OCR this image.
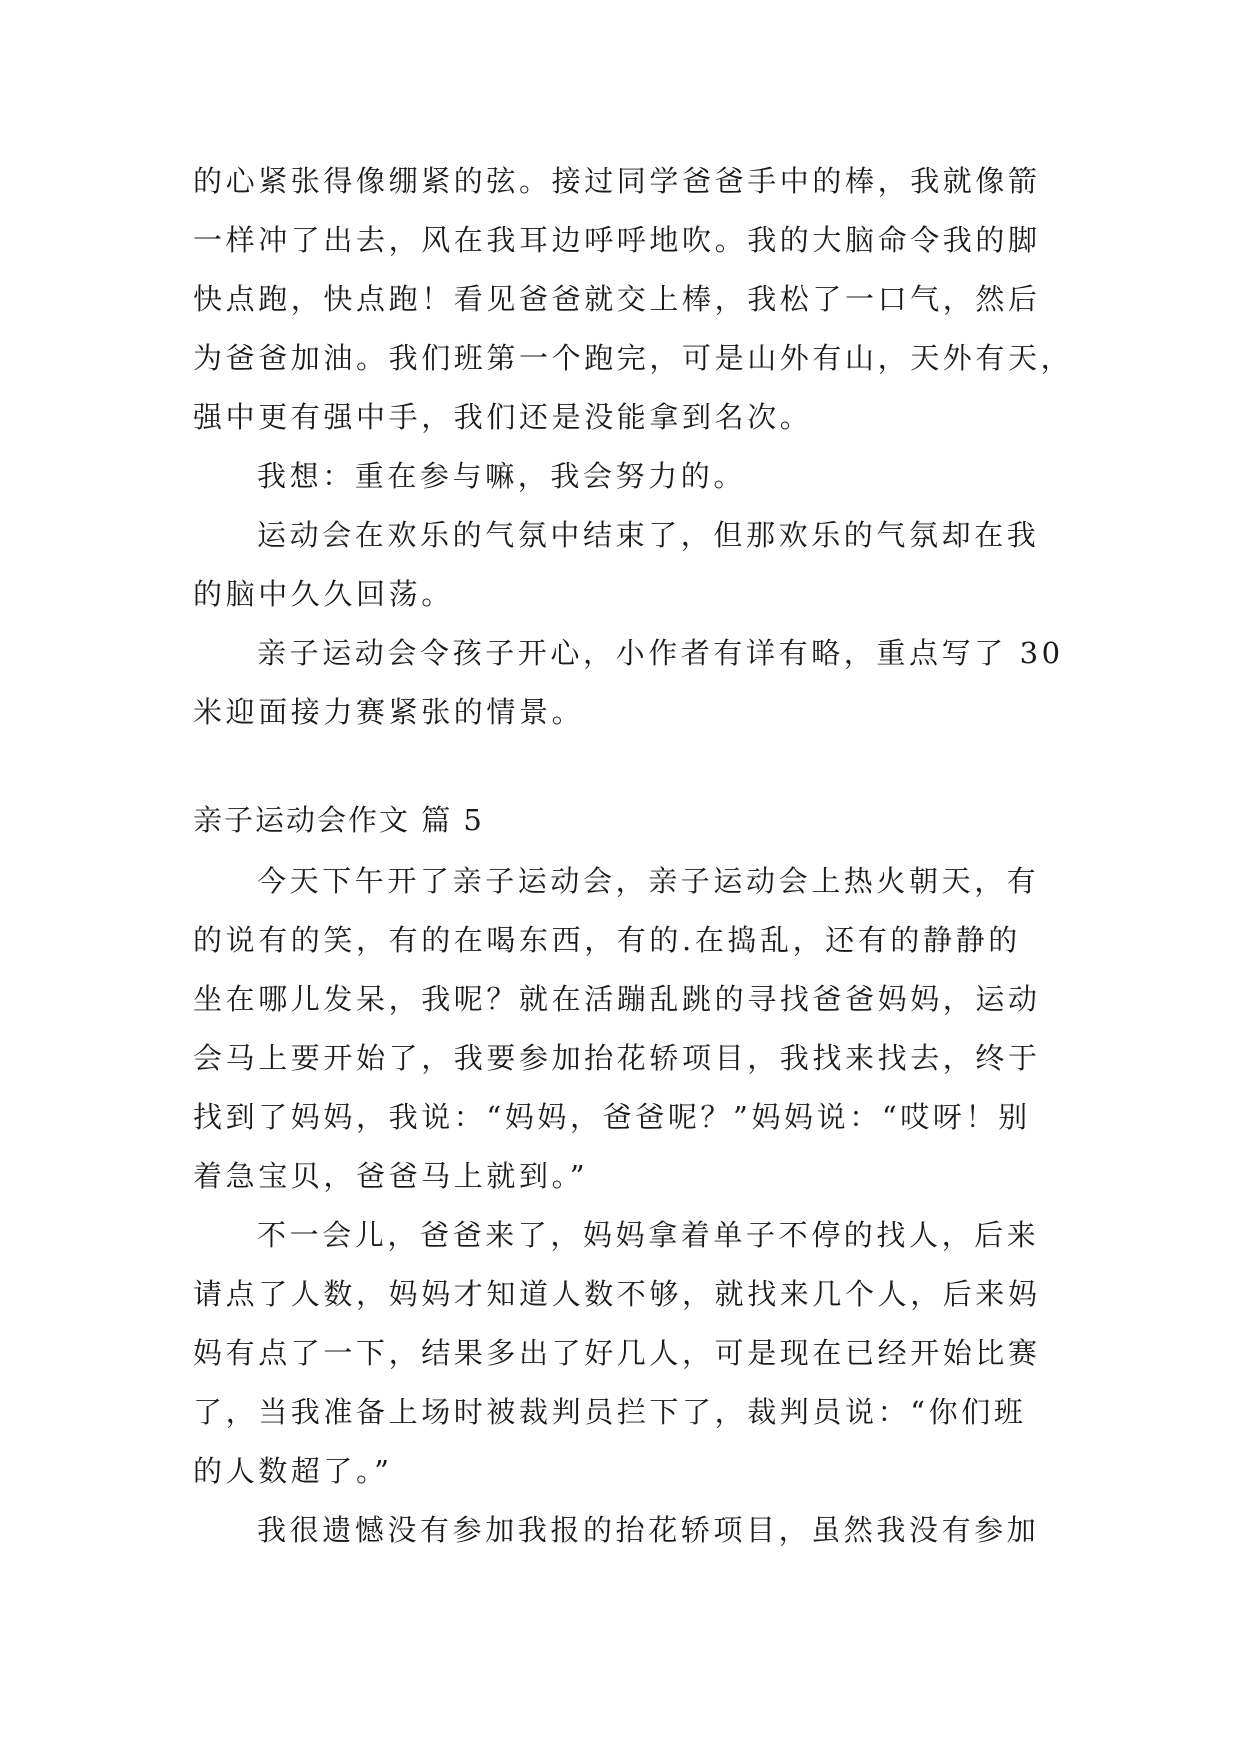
的心紧张得像绷紧的弦。接过同学爸爸手中的棒，我就像箭
一样冲了出去，风在我耳边呼呼地吹。我的大脑命令我的脚
快点跑，快点跑！看见爸爸就交上棒，我松了一口气，然后
为爸爸加油。我们班第一个跑完，可是山外有山，天外有天，
强中更有强中手，我们还是没能拿到名次。
我想：重在参与嘛，我会努力的。
运动会在欢乐的气氛中结束了，但那欢乐的气氛却在我
的脑中久久回荡。
亲子运动会令孩子开心，小作者有详有略，重点写了 30
米迎面接力赛紧张的情景。
亲子运动会作文 篇 5
今天下午开了亲子运动会，亲子运动会上热火朝天，有
的说有的笑，有的在喝东西，有的.在捣乱，还有的静静的
坐在哪儿发呆，我呢？就在活蹦乱跳的寻找爸爸妈妈，运动
会马上要开始了，我要参加抬花轿项目，我找来找去，终于
找到了妈妈，我说：“妈妈，爸爸呢？”妈妈说：“哎呀！别
着急宝贝，爸爸马上就到。”
不一会儿，爸爸来了，妈妈拿着单子不停的找人，后来
请点了人数，妈妈才知道人数不够，就找来几个人，后来妈
妈有点了一下，结果多出了好几人，可是现在已经开始比赛
了，当我准备上场时被裁判员拦下了，裁判员说：“你们班
的人数超了。”
我很遗憾没有参加我报的抬花轿项目，虽然我没有参加
